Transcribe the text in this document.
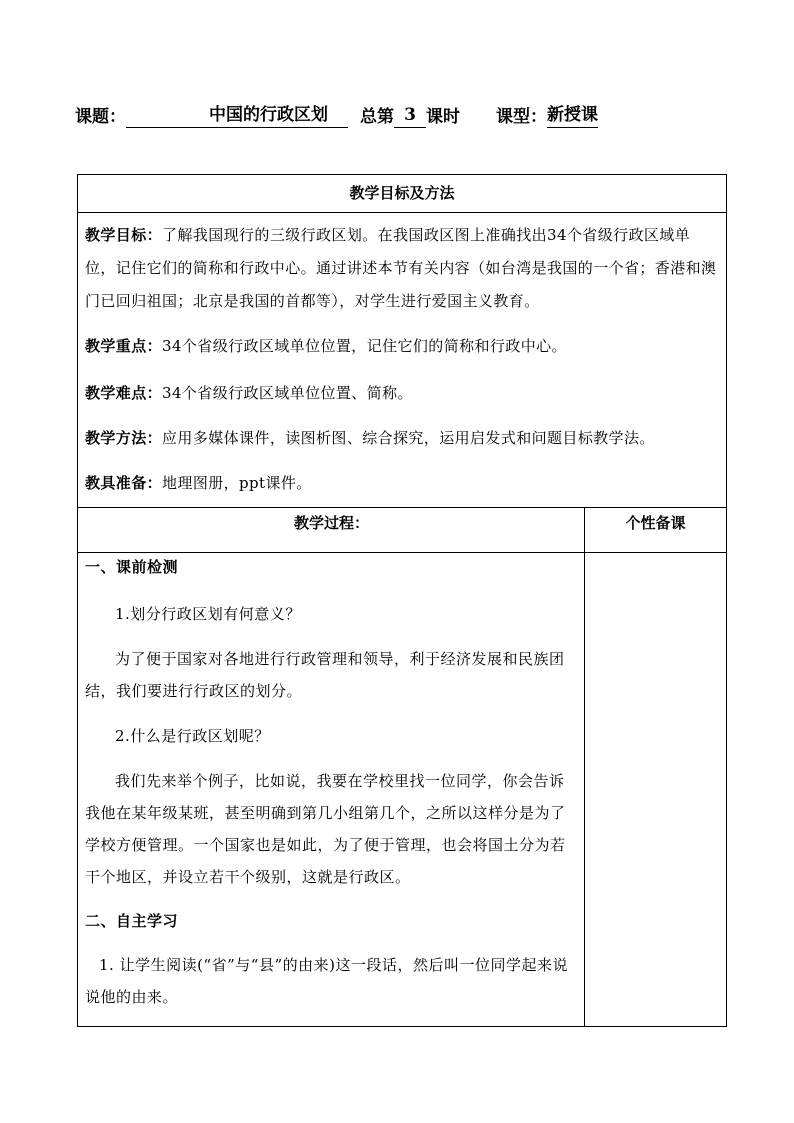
课题：	中国的行政区划 总第 3 课时 课型：新授课
教学目标及方法

教学目标：了解我国现行的三级行政区划。在我国政区图上准确找出34个省级行政区域单位，记住它们的简称和行政中心。通过讲述本节有关内容（如台湾是我国的一个省；香港和澳门已回归祖国；北京是我国的首都等），对学生进行爱国主义教育。

教学重点：34个省级行政区域单位位置，记住它们的简称和行政中心。

教学难点：34个省级行政区域单位位置、简称。

教学方法：应用多媒体课件，读图析图、综合探究，运用启发式和问题目标教学法。

教具准备：地理图册，ppt课件。

教学过程：	个性备课

一、课前检测

1.划分行政区划有何意义？

为了便于国家对各地进行行政管理和领导，利于经济发展和民族团结，我们要进行行政区的划分。

2.什么是行政区划呢？

我们先来举个例子，比如说，我要在学校里找一位同学，你会告诉我他在某年级某班，甚至明确到第几小组第几个，之所以这样分是为了学校方便管理。一个国家也是如此，为了便于管理，也会将国土分为若干个地区，并设立若干个级别，这就是行政区。

二、自主学习

1. 让学生阅读(“省”与“县”的由来)这一段话，然后叫一位同学起来说说他的由来。
